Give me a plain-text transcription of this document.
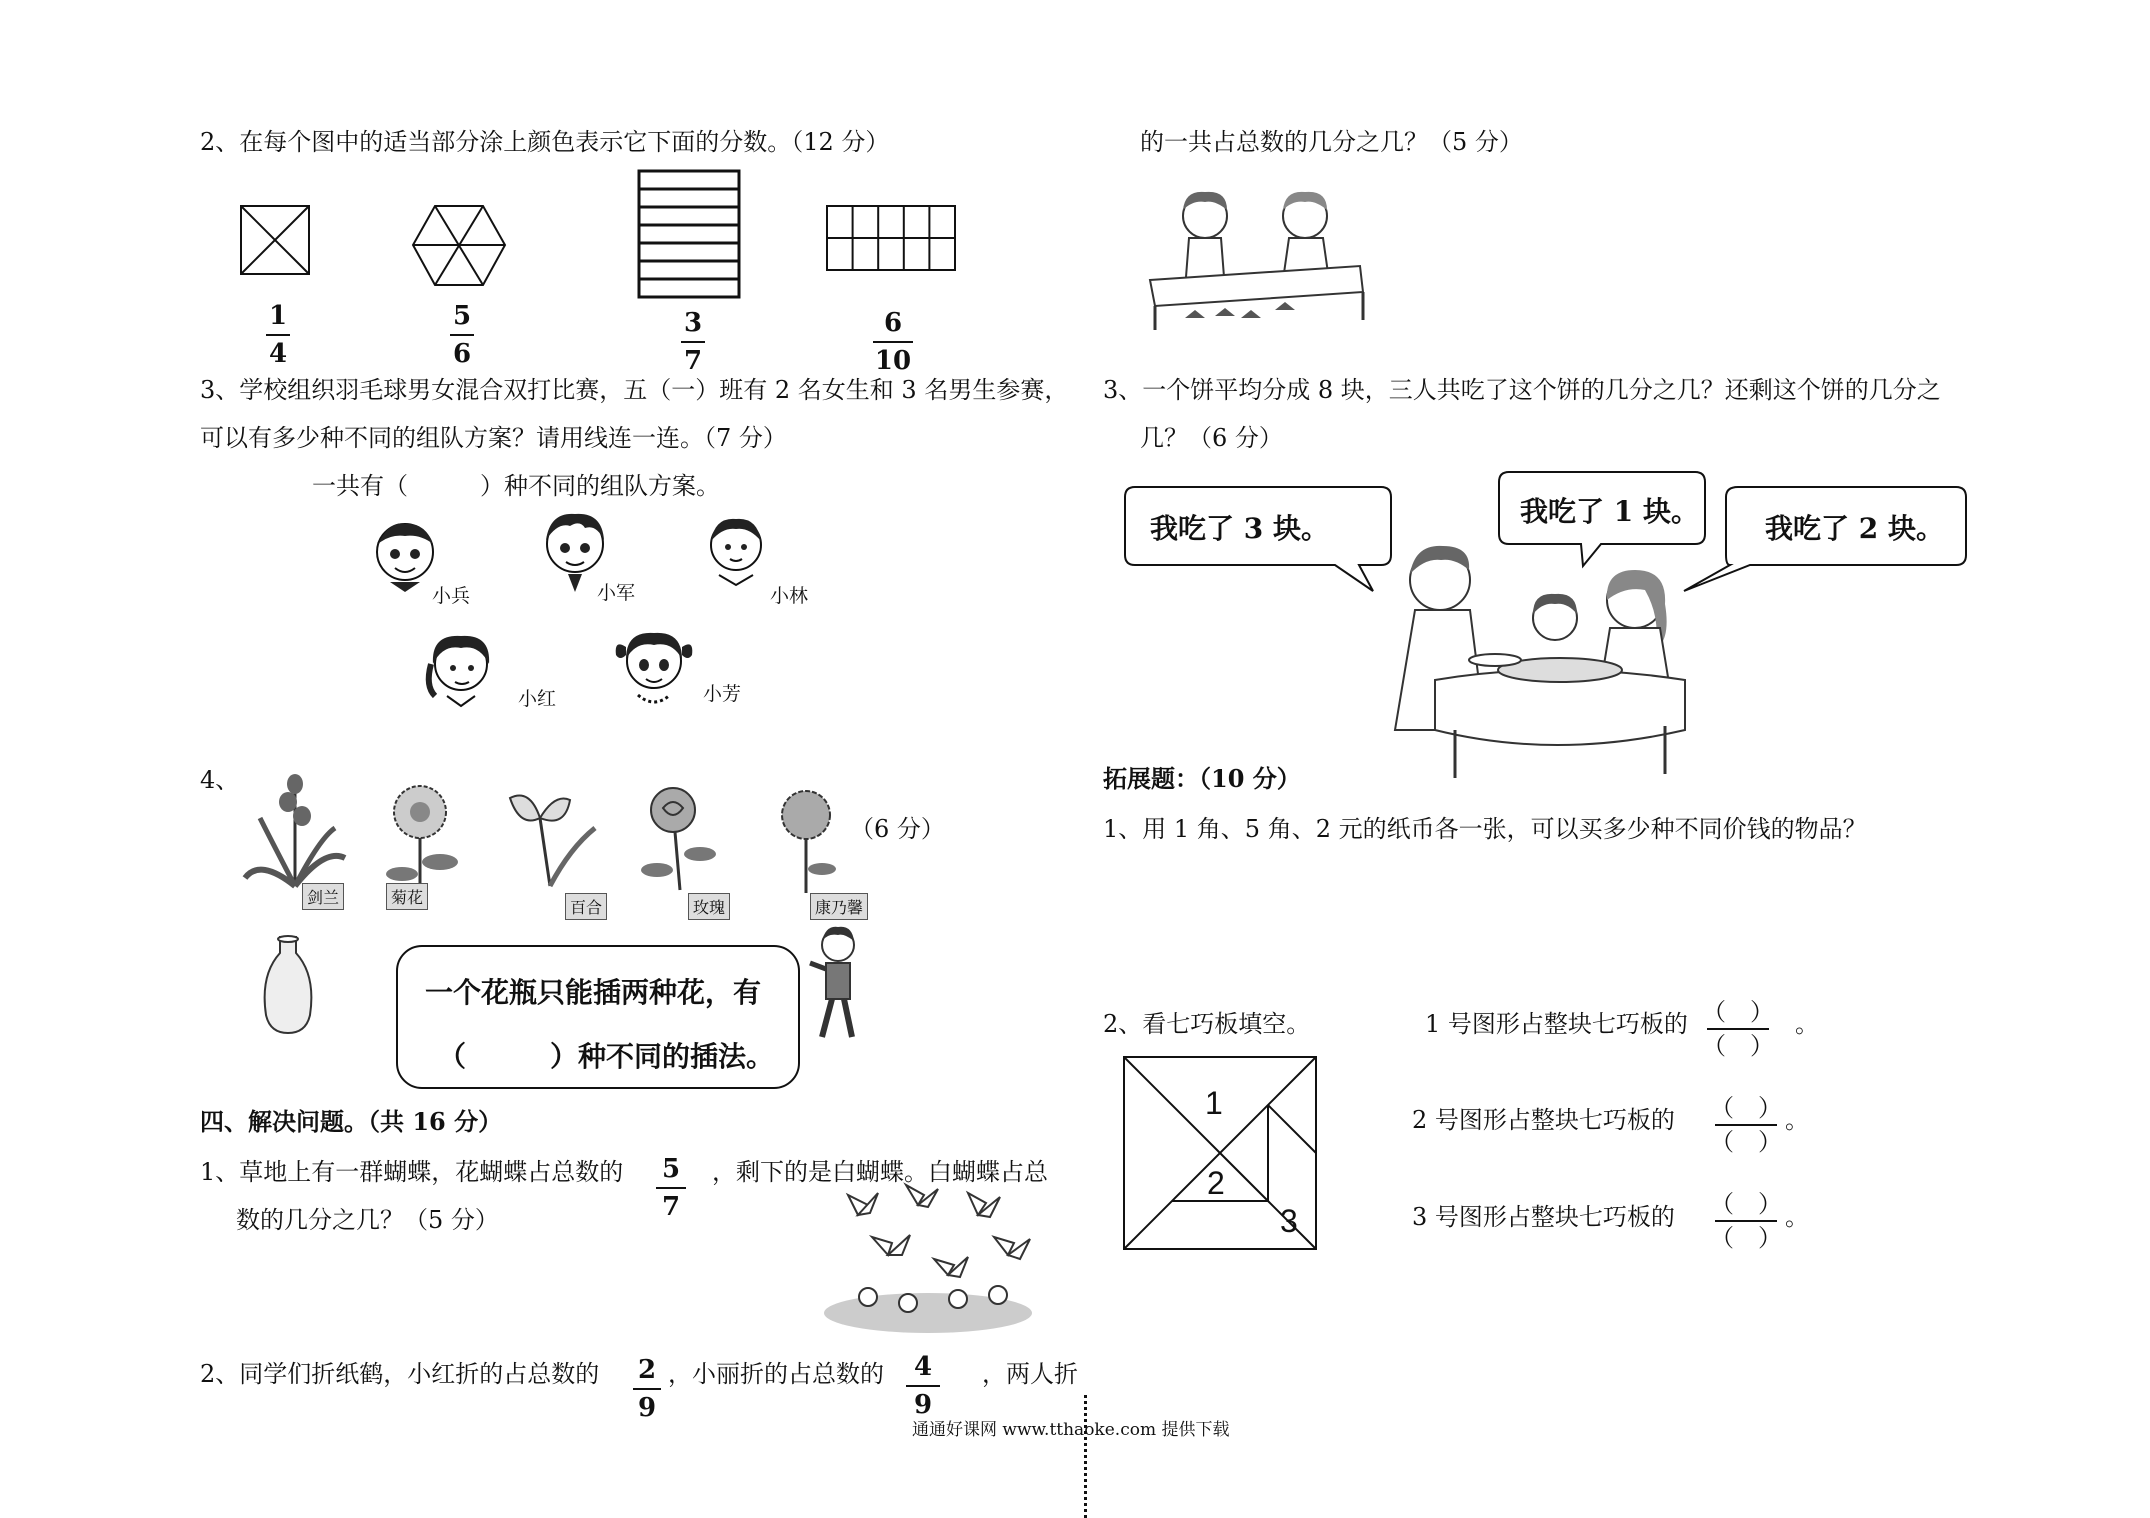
2、在每个图中的适当部分涂上颜色表示它下面的分数。（12 分）
1
4
5
6
3
7
6
10
3、学校组织羽毛球男女混合双打比赛，五（一）班有 2 名女生和 3 名男生参赛，
可以有多少种不同的组队方案？请用线连一连。（7 分）
一共有（　　　）种不同的组队方案。
小兵	小军	小林
小红	小芳
4、
（6 分）
剑兰	菊花
百合	玫瑰	康乃馨
一个花瓶只能插两种花，有
（　　　）种不同的插法。
四、解决问题。（共 16 分）
1、草地上有一群蝴蝶，花蝴蝶占总数的 5
7
，剩下的是白蝴蝶。白蝴蝶占总
数的几分之几？（5 分）
2、同学们折纸鹤，小红折的占总数的 2
9
，小丽折的占总数的 4
9
，两人折
的一共占总数的几分之几？（5 分）
3、一个饼平均分成 8 块，三人共吃了这个饼的几分之几？还剩这个饼的几分之
几？（6 分）
我吃了 3 块。
我吃了 1 块。
我吃了 2 块。
拓展题：（10 分）
1、用 1 角、5 角、2 元的纸币各一张，可以买多少种不同价钱的物品？
2、看七巧板填空。
1
2
3
1 号图形占整块七巧板的 （　）
（　）
。
2 号图形占整块七巧板的 （　）
（　）
。
3 号图形占整块七巧板的 （　）
（　）
。
通通好课网 www.tthaoke.com 提供下载
